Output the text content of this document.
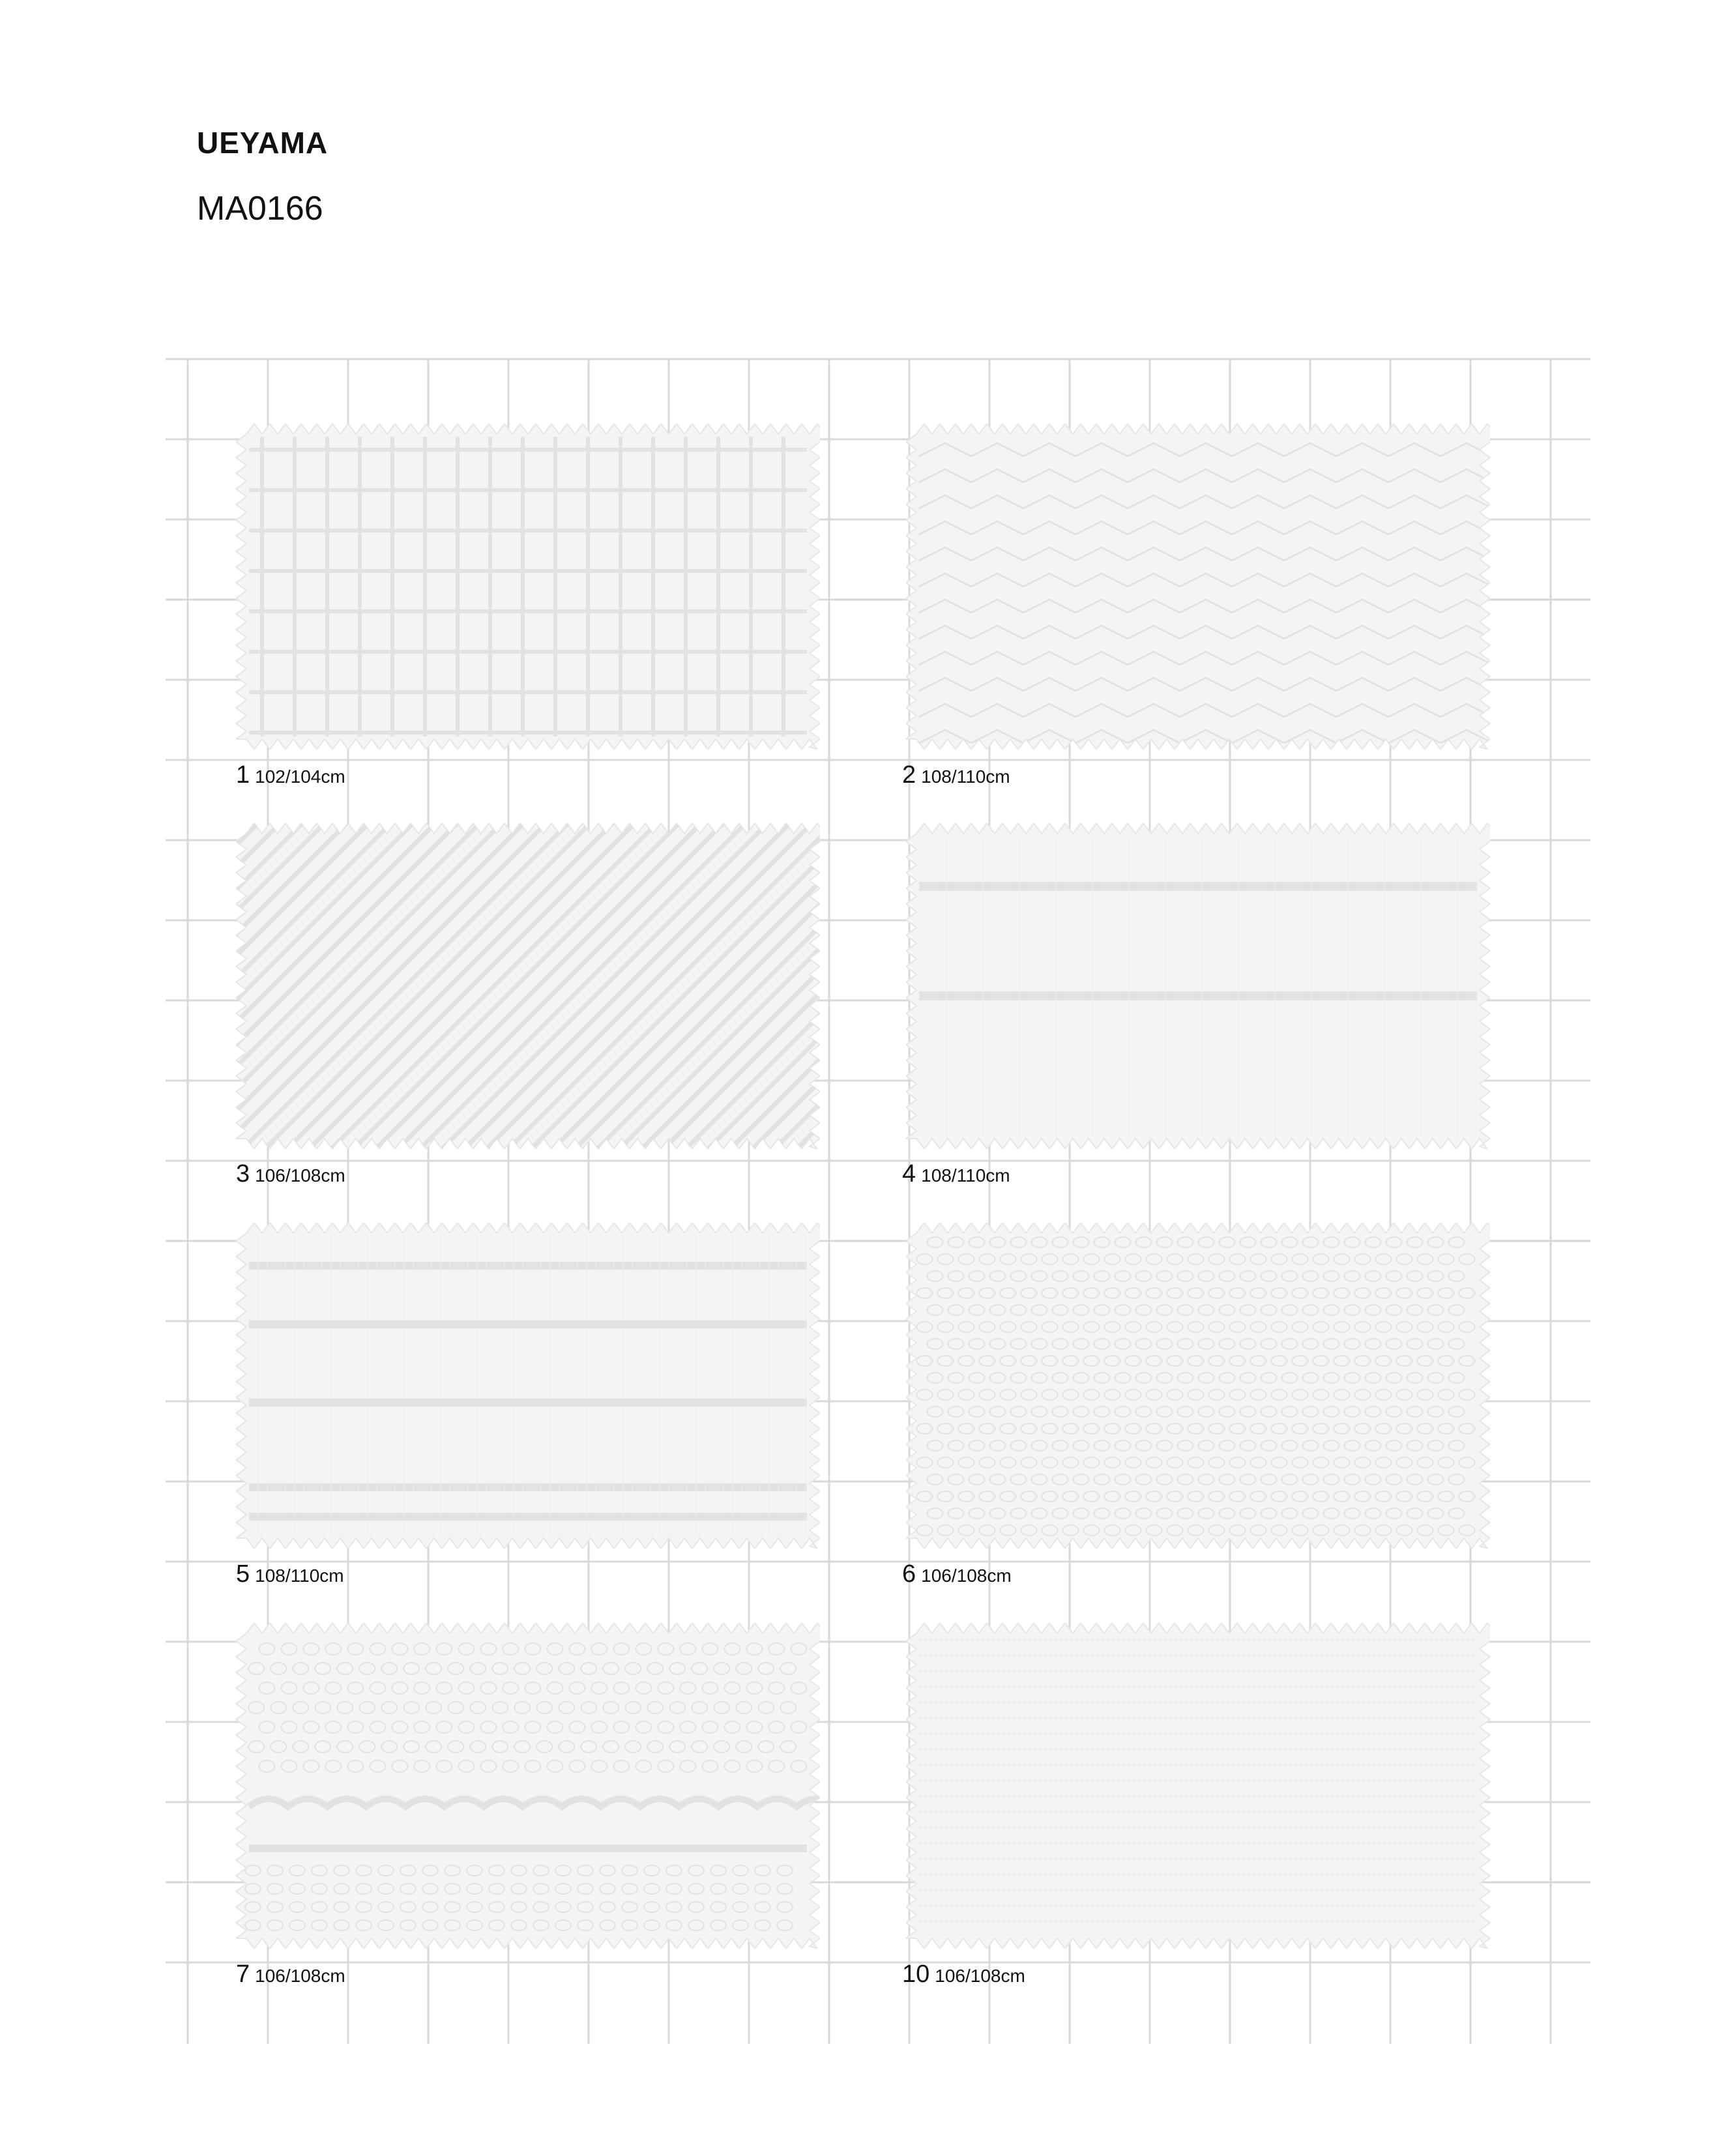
UEYAMA
MA0166
1 102/104cm	2 108/110cm
3 106/108cm	4 108/110cm
5 108/110cm	6 106/108cm
7 106/108cm	10 106/108cm
